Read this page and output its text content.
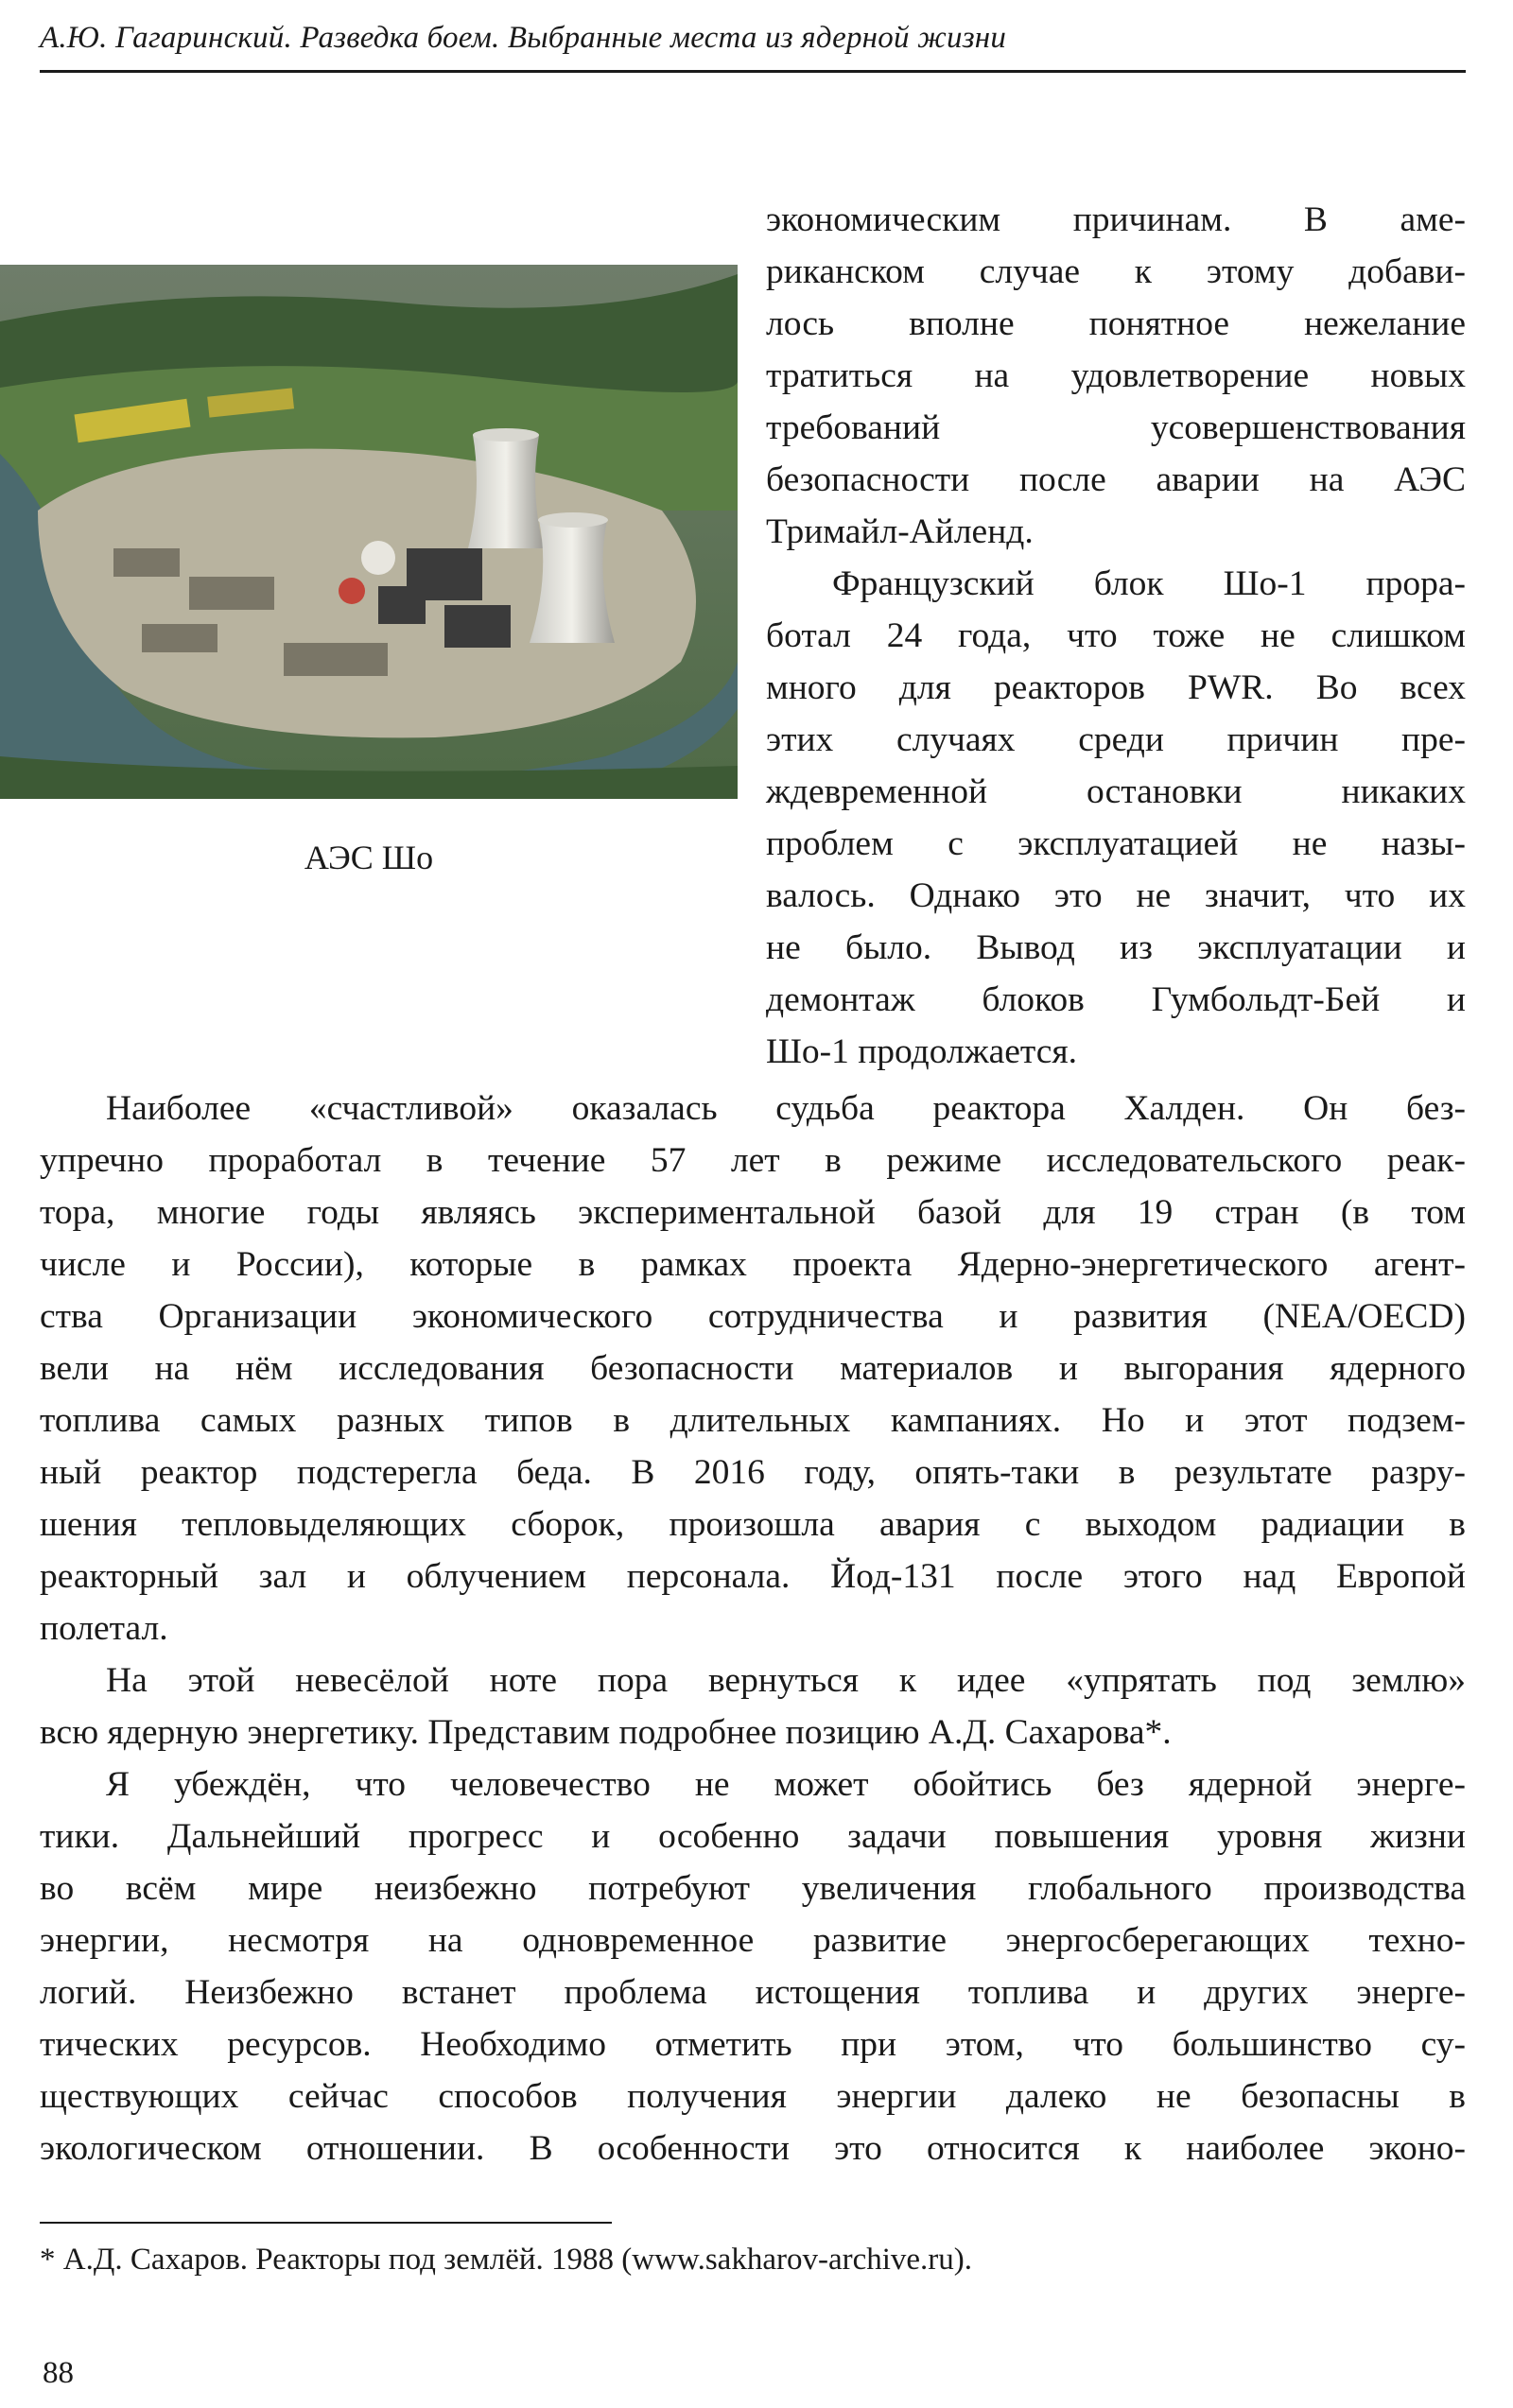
А.Ю. Гагаринский. Разведка боем. Выбранные места из ядерной жизни
АЭС Шо

экономическим причинам. В аме-
риканском случае к этому добави-
лось вполне понятное нежелание
тратиться на удовлетворение новых
требований усовершенствования
безопасности после аварии на АЭС
Тримайл-Айленд.

Французский блок Шо-1 прора-
ботал 24 года, что тоже не слишком
много для реакторов PWR. Во всех
этих случаях среди причин пре-
ждевременной остановки никаких
проблем с эксплуатацией не назы-
валось. Однако это не значит, что их
не было. Вывод из эксплуатации и
демонтаж блоков Гумбольдт-Бей и
Шо-1 продолжается.

Наиболее «счастливой» оказалась судьба реактора Халден. Он без-
упречно проработал в течение 57 лет в режиме исследовательского реак-
тора, многие годы являясь экспериментальной базой для 19 стран (в том
числе и России), которые в рамках проекта Ядерно-энергетического агент-
ства Организации экономического сотрудничества и развития (NEA/OECD)
вели на нём исследования безопасности материалов и выгорания ядерного
топлива самых разных типов в длительных кампаниях. Но и этот подзем-
ный реактор подстерегла беда. В 2016 году, опять-таки в результате разру-
шения тепловыделяющих сборок, произошла авария с выходом радиации в
реакторный зал и облучением персонала. Йод-131 после этого над Европой
полетал.

На этой невесёлой ноте пора вернуться к идее «упрятать под землю»
всю ядерную энергетику. Представим подробнее позицию А.Д. Сахарова*.

Я убеждён, что человечество не может обойтись без ядерной энерге-
тики. Дальнейший прогресс и особенно задачи повышения уровня жизни
во всём мире неизбежно потребуют увеличения глобального производства
энергии, несмотря на одновременное развитие энергосберегающих техно-
логий. Неизбежно встанет проблема истощения топлива и других энерге-
тических ресурсов. Необходимо отметить при этом, что большинство су-
ществующих сейчас способов получения энергии далеко не безопасны в
экологическом отношении. В особенности это относится к наиболее эконо-

* А.Д. Сахаров. Реакторы под землёй. 1988 (www.sakharov-archive.ru).
88
